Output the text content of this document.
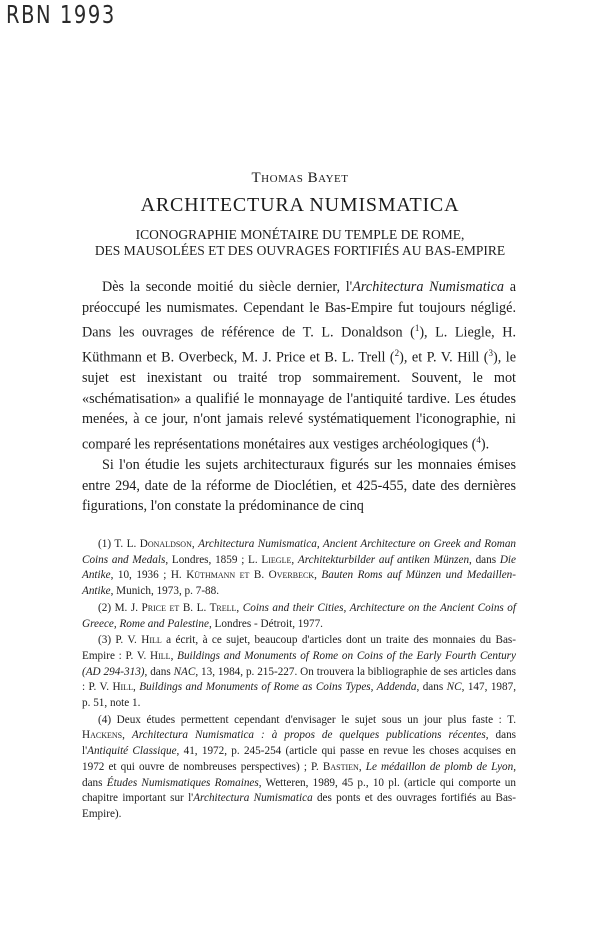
RBN 1993
Thomas Bayet
ARCHITECTURA NUMISMATICA
ICONOGRAPHIE MONÉTAIRE DU TEMPLE DE ROME,
DES MAUSOLÉES ET DES OUVRAGES FORTIFIÉS AU BAS-EMPIRE

Dès la seconde moitié du siècle dernier, l'Architectura Numismatica a préoccupé les numismates. Cependant le Bas-Empire fut toujours négligé. Dans les ouvrages de référence de T. L. Donaldson ($^1$), L. Liegle, H. Küthmann et B. Overbeck, M. J. Price et B. L. Trell ($^2$), et P. V. Hill ($^3$), le sujet est inexistant ou traité trop sommairement. Souvent, le mot «schématisation» a qualifié le monnayage de l'antiquité tardive. Les études menées, à ce jour, n'ont jamais relevé systématiquement l'iconographie, ni comparé les représentations monétaires aux vestiges archéologiques ($^4$).

Si l'on étudie les sujets architecturaux figurés sur les monnaies émises entre 294, date de la réforme de Dioclétien, et 425-455, date des dernières figurations, l'on constate la prédominance de cinq

(1) T. L. Donaldson, Architectura Numismatica, Ancient Architecture on Greek and Roman Coins and Medals, Londres, 1859 ; L. Liegle, Architekturbilder auf antiken Münzen, dans Die Antike, 10, 1936 ; H. Küthmann et B. Overbeck, Bauten Roms auf Münzen und Medaillen-Antike, Munich, 1973, p. 7-88.

(2) M. J. Price et B. L. Trell, Coins and their Cities, Architecture on the Ancient Coins of Greece, Rome and Palestine, Londres - Détroit, 1977.

(3) P. V. Hill a écrit, à ce sujet, beaucoup d'articles dont un traite des monnaies du Bas-Empire : P. V. Hill, Buildings and Monuments of Rome on Coins of the Early Fourth Century (AD 294-313), dans NAC, 13, 1984, p. 215-227. On trouvera la bibliographie de ses articles dans : P. V. Hill, Buildings and Monuments of Rome as Coins Types, Addenda, dans NC, 147, 1987, p. 51, note 1.

(4) Deux études permettent cependant d'envisager le sujet sous un jour plus faste : T. Hackens, Architectura Numismatica : à propos de quelques publications récentes, dans l'Antiquité Classique, 41, 1972, p. 245-254 (article qui passe en revue les choses acquises en 1972 et qui ouvre de nombreuses perspectives) ; P. Bastien, Le médaillon de plomb de Lyon, dans Études Numismatiques Romaines, Wetteren, 1989, 45 p., 10 pl. (article qui comporte un chapitre important sur l'Architectura Numismatica des ponts et des ouvrages fortifiés au Bas-Empire).
